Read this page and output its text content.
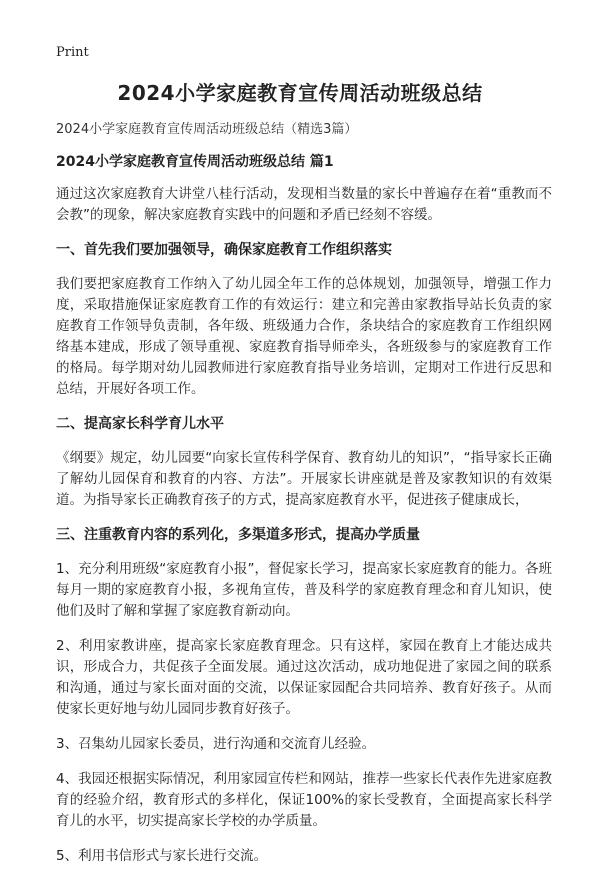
Print
2024小学家庭教育宣传周活动班级总结

2024小学家庭教育宣传周活动班级总结（精选3篇）

2024小学家庭教育宣传周活动班级总结 篇1

通过这次家庭教育大讲堂八桂行活动，发现相当数量的家长中普遍存在着“重教而不会教”的现象，解决家庭教育实践中的问题和矛盾已经刻不容缓。

一、首先我们要加强领导，确保家庭教育工作组织落实

我们要把家庭教育工作纳入了幼儿园全年工作的总体规划，加强领导，增强工作力度，采取措施保证家庭教育工作的有效运行：建立和完善由家教指导站长负责的家庭教育工作领导负责制，各年级、班级通力合作，条块结合的家庭教育工作组织网络基本建成，形成了领导重视、家庭教育指导师牵头，各班级参与的家庭教育工作的格局。每学期对幼儿园教师进行家庭教育指导业务培训，定期对工作进行反思和总结，开展好各项工作。

二、提高家长科学育儿水平

《纲要》规定，幼儿园要“向家长宣传科学保育、教育幼儿的知识”，“指导家长正确了解幼儿园保育和教育的内容、方法”。开展家长讲座就是普及家教知识的有效渠道。为指导家长正确教育孩子的方式，提高家庭教育水平，促进孩子健康成长，

三、注重教育内容的系列化，多渠道多形式，提高办学质量

1、充分利用班级“家庭教育小报”，督促家长学习，提高家长家庭教育的能力。各班每月一期的家庭教育小报，多视角宣传，普及科学的家庭教育理念和育儿知识，使他们及时了解和掌握了家庭教育新动向。

2、利用家教讲座，提高家长家庭教育理念。只有这样，家园在教育上才能达成共识，形成合力，共促孩子全面发展。通过这次活动，成功地促进了家园之间的联系和沟通，通过与家长面对面的交流，以保证家园配合共同培养、教育好孩子。从而使家长更好地与幼儿园同步教育好孩子。

3、召集幼儿园家长委员，进行沟通和交流育儿经验。

4、我园还根据实际情况，利用家园宣传栏和网站，推荐一些家长代表作先进家庭教育的经验介绍，教育形式的多样化，保证100%的家长受教育，全面提高家长科学育儿的水平，切实提高家长学校的办学质量。

5、利用书信形式与家长进行交流。
